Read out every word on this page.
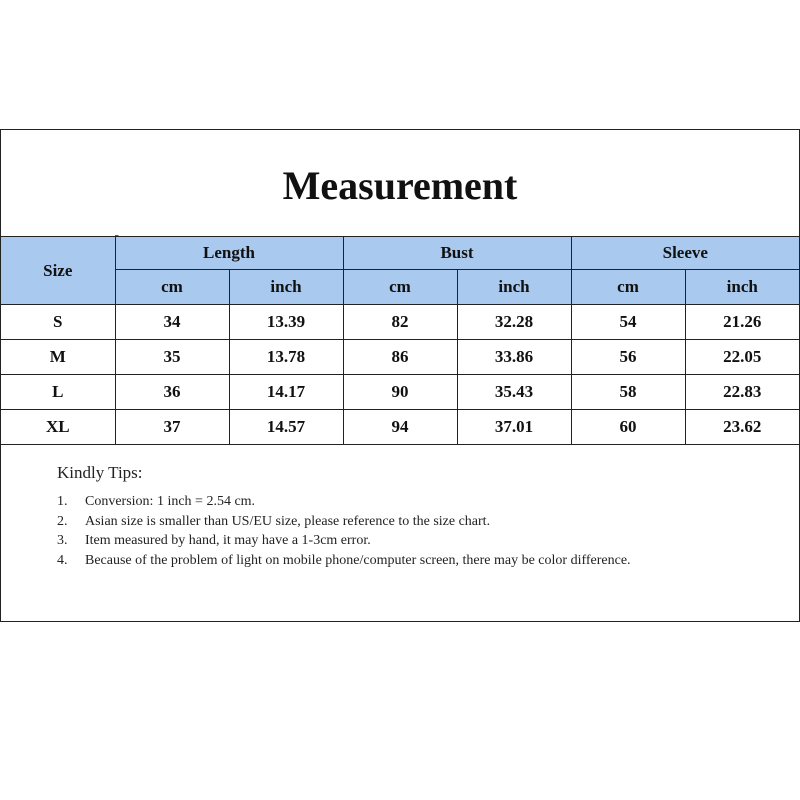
Measurement
Size	Length		Bust		Sleeve	
	cm	inch	cm	inch	cm	inch
S	34	13.39	82	32.28	54	21.26
M	35	13.78	86	33.86	56	22.05
L	36	14.17	90	35.43	58	22.83
XL	37	14.57	94	37.01	60	23.62
Kindly Tips:
1. Conversion: 1 inch = 2.54 cm.
2. Asian size is smaller than US/EU size, please reference to the size chart.
3. Item measured by hand, it may have a 1-3cm error.
4. Because of the problem of light on mobile phone/computer screen, there may be color difference.
